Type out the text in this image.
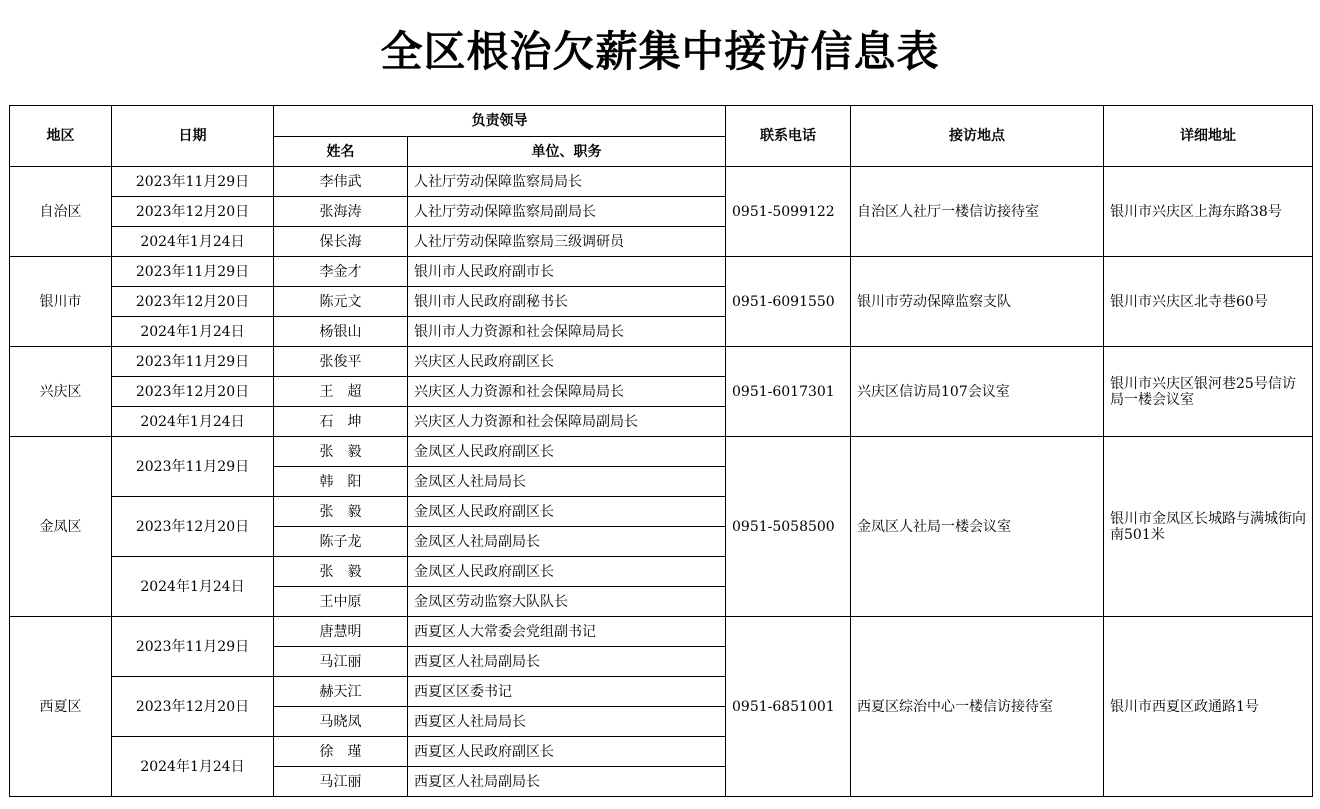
全区根治欠薪集中接访信息表
地区	日期	负责领导		联系电话	接访地点	详细地址
		姓名	单位、职务			
自治区	2023年11月29日	李伟武	人社厅劳动保障监察局局长	0951-5099122	自治区人社厅一楼信访接待室	银川市兴庆区上海东路38号
	2023年12月20日	张海涛	人社厅劳动保障监察局副局长			
	2024年1月24日	保长海	人社厅劳动保障监察局三级调研员			
银川市	2023年11月29日	李金才	银川市人民政府副市长	0951-6091550	银川市劳动保障监察支队	银川市兴庆区北寺巷60号
	2023年12月20日	陈元文	银川市人民政府副秘书长			
	2024年1月24日	杨银山	银川市人力资源和社会保障局局长			
兴庆区	2023年11月29日	张俊平	兴庆区人民政府副区长	0951-6017301	兴庆区信访局107会议室	银川市兴庆区银河巷25号信访局一楼会议室
	2023年12月20日	王　超	兴庆区人力资源和社会保障局局长			
	2024年1月24日	石　坤	兴庆区人力资源和社会保障局副局长			
金凤区	2023年11月29日	张　毅	金凤区人民政府副区长	0951-5058500	金凤区人社局一楼会议室	银川市金凤区长城路与满城街向南501米
		韩　阳	金凤区人社局局长			
	2023年12月20日	张　毅	金凤区人民政府副区长			
		陈子龙	金凤区人社局副局长			
	2024年1月24日	张　毅	金凤区人民政府副区长			
		王中原	金凤区劳动监察大队队长			
西夏区	2023年11月29日	唐慧明	西夏区人大常委会党组副书记	0951-6851001	西夏区综治中心一楼信访接待室	银川市西夏区政通路1号
		马江丽	西夏区人社局副局长			
	2023年12月20日	赫天江	西夏区区委书记			
		马晓凤	西夏区人社局局长			
	2024年1月24日	徐　瑾	西夏区人民政府副区长			
		马江丽	西夏区人社局副局长			
